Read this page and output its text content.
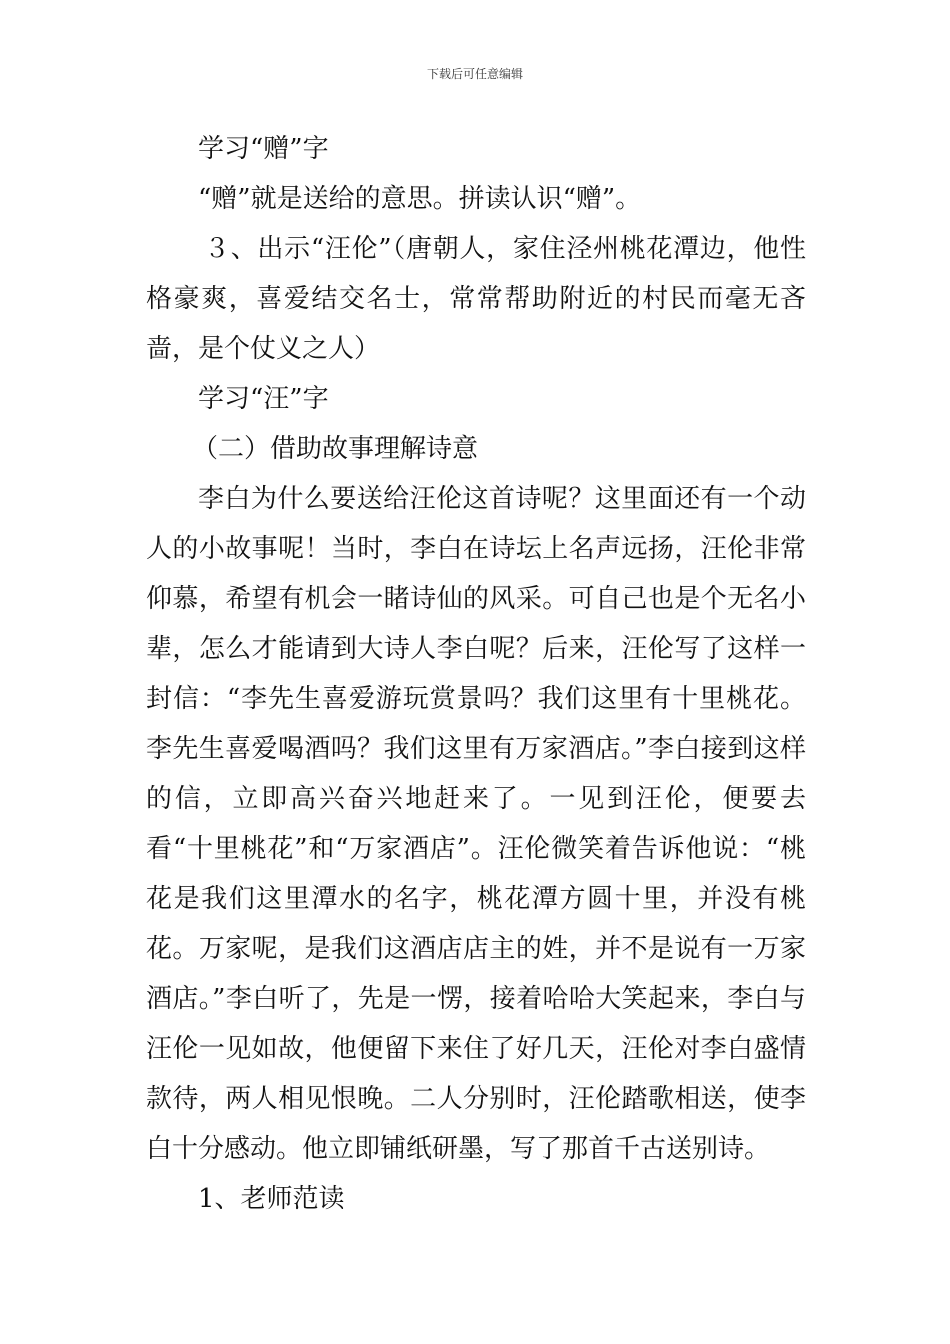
下载后可任意编辑

学习“赠”字

“赠”就是送给的意思。拼读认识“赠”。

３、出示“汪伦”（唐朝人，家住泾州桃花潭边，他性格豪爽，喜爱结交名士，常常帮助附近的村民而毫无吝啬，是个仗义之人）

学习“汪”字

（二）借助故事理解诗意

李白为什么要送给汪伦这首诗呢？这里面还有一个动人的小故事呢！当时，李白在诗坛上名声远扬，汪伦非常仰慕，希望有机会一睹诗仙的风采。可自己也是个无名小辈，怎么才能请到大诗人李白呢？后来，汪伦写了这样一封信：“李先生喜爱游玩赏景吗？我们这里有十里桃花。李先生喜爱喝酒吗？我们这里有万家酒店。”李白接到这样的信，立即高兴奋兴地赶来了。一见到汪伦，便要去看“十里桃花”和“万家酒店”。汪伦微笑着告诉他说：“桃花是我们这里潭水的名字，桃花潭方圆十里，并没有桃花。万家呢，是我们这酒店店主的姓，并不是说有一万家酒店。”李白听了，先是一愣，接着哈哈大笑起来，李白与汪伦一见如故，他便留下来住了好几天，汪伦对李白盛情款待，两人相见恨晚。二人分别时，汪伦踏歌相送，使李白十分感动。他立即铺纸研墨，写了那首千古送别诗。

1、老师范读
